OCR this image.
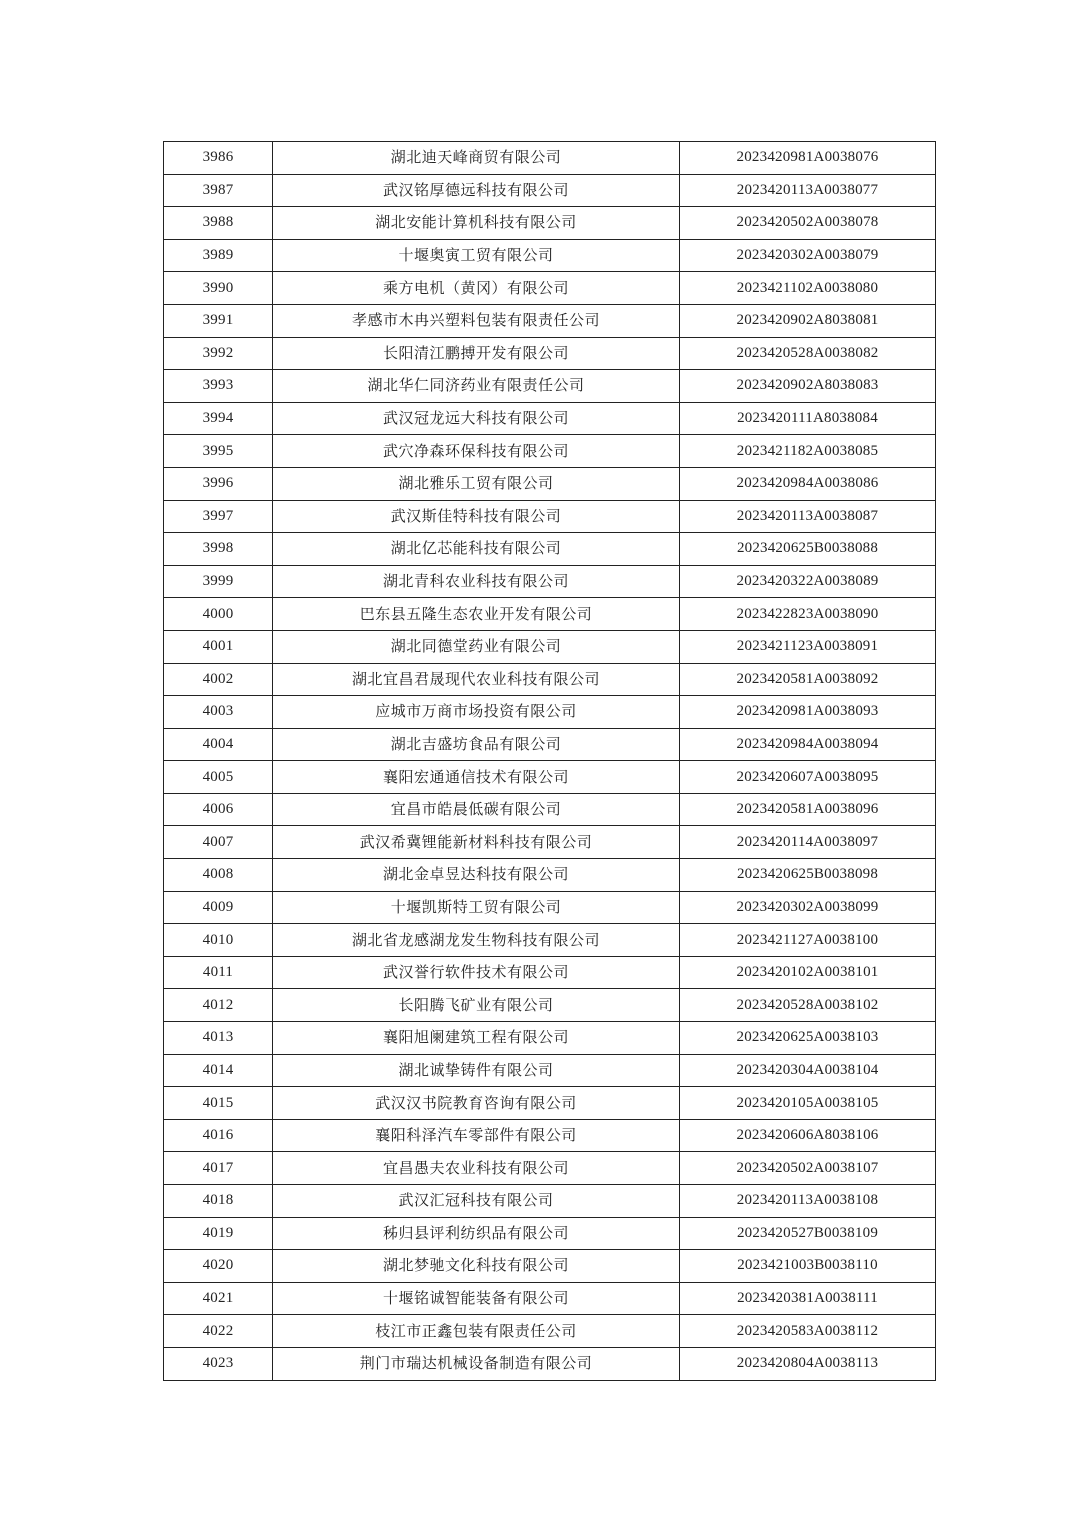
3986	湖北迪天峰商贸有限公司	2023420981A0038076
3987	武汉铭厚德远科技有限公司	2023420113A0038077
3988	湖北安能计算机科技有限公司	2023420502A0038078
3989	十堰奥寅工贸有限公司	2023420302A0038079
3990	乘方电机（黄冈）有限公司	2023421102A0038080
3991	孝感市木冉兴塑料包装有限责任公司	2023420902A8038081
3992	长阳清江鹏搏开发有限公司	2023420528A0038082
3993	湖北华仁同济药业有限责任公司	2023420902A8038083
3994	武汉冠龙远大科技有限公司	2023420111A8038084
3995	武穴净森环保科技有限公司	2023421182A0038085
3996	湖北雅乐工贸有限公司	2023420984A0038086
3997	武汉斯佳特科技有限公司	2023420113A0038087
3998	湖北亿芯能科技有限公司	2023420625B0038088
3999	湖北青科农业科技有限公司	2023420322A0038089
4000	巴东县五隆生态农业开发有限公司	2023422823A0038090
4001	湖北同德堂药业有限公司	2023421123A0038091
4002	湖北宜昌君晟现代农业科技有限公司	2023420581A0038092
4003	应城市万商市场投资有限公司	2023420981A0038093
4004	湖北吉盛坊食品有限公司	2023420984A0038094
4005	襄阳宏通通信技术有限公司	2023420607A0038095
4006	宜昌市皓晨低碳有限公司	2023420581A0038096
4007	武汉希冀锂能新材料科技有限公司	2023420114A0038097
4008	湖北金卓昱达科技有限公司	2023420625B0038098
4009	十堰凯斯特工贸有限公司	2023420302A0038099
4010	湖北省龙感湖龙发生物科技有限公司	2023421127A0038100
4011	武汉誉行软件技术有限公司	2023420102A0038101
4012	长阳腾飞矿业有限公司	2023420528A0038102
4013	襄阳旭阑建筑工程有限公司	2023420625A0038103
4014	湖北诚挚铸件有限公司	2023420304A0038104
4015	武汉汉书院教育咨询有限公司	2023420105A0038105
4016	襄阳科泽汽车零部件有限公司	2023420606A8038106
4017	宜昌愚夫农业科技有限公司	2023420502A0038107
4018	武汉汇冠科技有限公司	2023420113A0038108
4019	秭归县评利纺织品有限公司	2023420527B0038109
4020	湖北梦驰文化科技有限公司	2023421003B0038110
4021	十堰铭诚智能装备有限公司	2023420381A0038111
4022	枝江市正鑫包装有限责任公司	2023420583A0038112
4023	荆门市瑞达机械设备制造有限公司	2023420804A0038113
